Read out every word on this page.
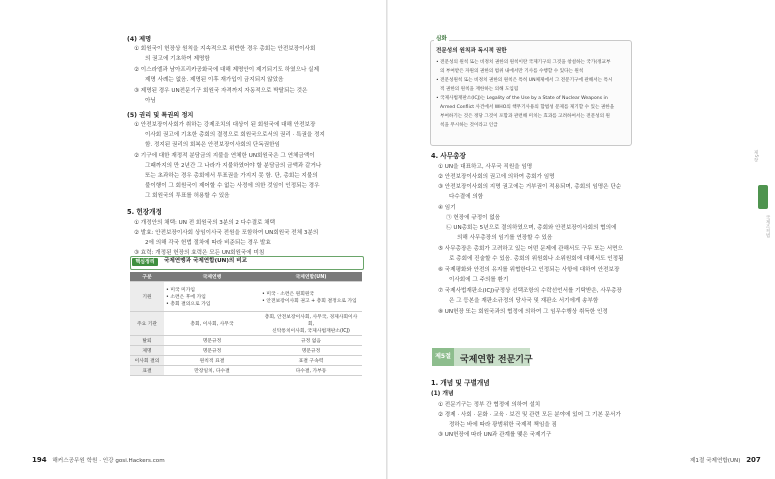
(4) 제명
① 회원국이 헌장상 원칙을 지속적으로 위반한 경우 총회는 안전보장이사회
의 권고에 기초하여 제명함
② 이스라엘과 남아프리카공화국에 대해 제명안이 제기되기도 하였으나 실제
제명 사례는 없음. 제명된 이후 재가입이 금지되지 않았음
③ 제명된 경우 UN전문기구 회원국 자격까지 자동적으로 박탈되는 것은
아님
(5) 권리 및 특권의 정지
① 안전보장이사회가 취하는 강제조치의 대상이 된 회원국에 대해 안전보장
이사회 권고에 기초한 총회의 결정으로 회원국으로서의 권리 · 특권을 정지
함. 정지된 권리의 회복은 안전보장이사회의 단독권한임
② 기구에 대한 재정적 분담금의 지불을 연체한 UN회원국은 그 연체금액이
그때까지의 만 2년간 그 나라가 지불하였어야 할 분담금의 금액과 같거나
또는 초과하는 경우 총회에서 투표권을 가지지 못 함. 단, 총회는 지불의
불이행이 그 회원국이 제어할 수 없는 사정에 의한 것임이 인정되는 경우
그 회원국의 투표를 허용할 수 있음
5. 헌장개정
① 개정안의 채택: UN 전 회원국의 3분의 2 다수결로 채택
② 발효: 안전보장이사회 상임이사국 전원을 포함하여 UN회원국 전체 3분의
2에 의해 각국 헌법 절차에 따라 비준되는 경우 발효
③ 효력: 개정된 헌장의 효력은 모든 UN회원국에 미침
핵심정리	국제연맹과 국제연합(UN)의 비교
구분	국제연맹	국제연합(UN)
기원	• 미국 미가입
• 소련은 후에 가입
• 총회 결의으로 가입	• 미국 · 소련은 원회원국
• 안전보장이사회 권고 + 총회 결정으로 가입
주요 기관	총회, 이사회, 사무국	총회, 안전보장이사회, 사무국, 경제사회이사회,
신탁통치이사회, 국제사법재판소(ICJ)
탈퇴	명문규정	규정 없음
제명	명문규정	명문규정
이사회 결의	원칙적 표결	표결 구속력
표결	만장일치, 다수결	다수결, 가부동
194 해커스공무원 학원 · 인강 gosi.Hackers.com
심화
전문성의 원칙과 독시적 권한
• 전문성의 원칙 또는 비정치 권한의 원칙이란 국제기구의 그것을 창설하는 국가(정교부
의 부여받은 자원의 권한의 범위 내에서만 기사를 수행할 수 있다는 원칙
• 전문성원칙 또는 비정치 권한의 원칙은 특히 UN체제에서 그 전문기구에 관해서는 특시
적 권한의 원칙을 재한하는 의해 도입됨
• 국제사법재판소(ICJ)는 Legality of the Use by a State of Nuclear Weapons in
Armed Conflict 사건에서 WHO의 핵무기사용의 합법성 문제를 제기할 수 있는 권한을
부여하기는 것은 정당 그것이 포함과 관련해 미치는 효과를 고려하여서는 전문성의 원
칙을 무시하는 것이라고 인급
4. 사무총장
① UN을 대표하고, 사무국 직원을 임명
② 안전보장이사회의 권고에 의하여 총회가 임명
③ 안전보장이사회의 지명 권고에는 거부권이 적용되며, 총회의 임명은 단순
다수결에 의함
④ 임기
㉠ 헌장에 규정이 없음
㉡ UN총회는 5년으로 결의하였으며, 총회와 안전보장이사회의 협의에
의해 사무총장의 임기를 연장할 수 있음
⑤ 사무총장은 총회가 고려하고 있는 어떤 문제에 관해서도 구두 또는 서면으
로 총회에 진술할 수 있음. 총회의 위원회나 소위원회에 대해서도 인정됨
⑥ 국제평화와 안전의 유지를 위협한다고 인정되는 사항에 대하여 안전보장
이사회에 그 주의를 환기
⑦ 국제사법재판소(ICJ)규정상 선택조항의 수락선언서를 기탁받은, 사무총장
은 그 등본을 재판소규정의 당사국 및 재판소 서기에게 송부함
⑧ UN헌장 또는 회원국과의 협정에 의하여 그 임무수행상 취득한 인정
1. 개념 및 구별개념
(1) 개념
① 전문기구는 정부 간 협정에 의하여 설치
② 경제 · 사회 · 문화 · 교육 · 보건 및 관련 모든 분야에 있어 그 기본 문서가
정하는 바에 따라 광범위한 국제적 책임을 짐
③ UN헌장에 따라 UN과 관계를 맺은 국제기구
제1절 국제연합(UN) 207
제5절	국제연합 전문기구
제5장
국제조직법
